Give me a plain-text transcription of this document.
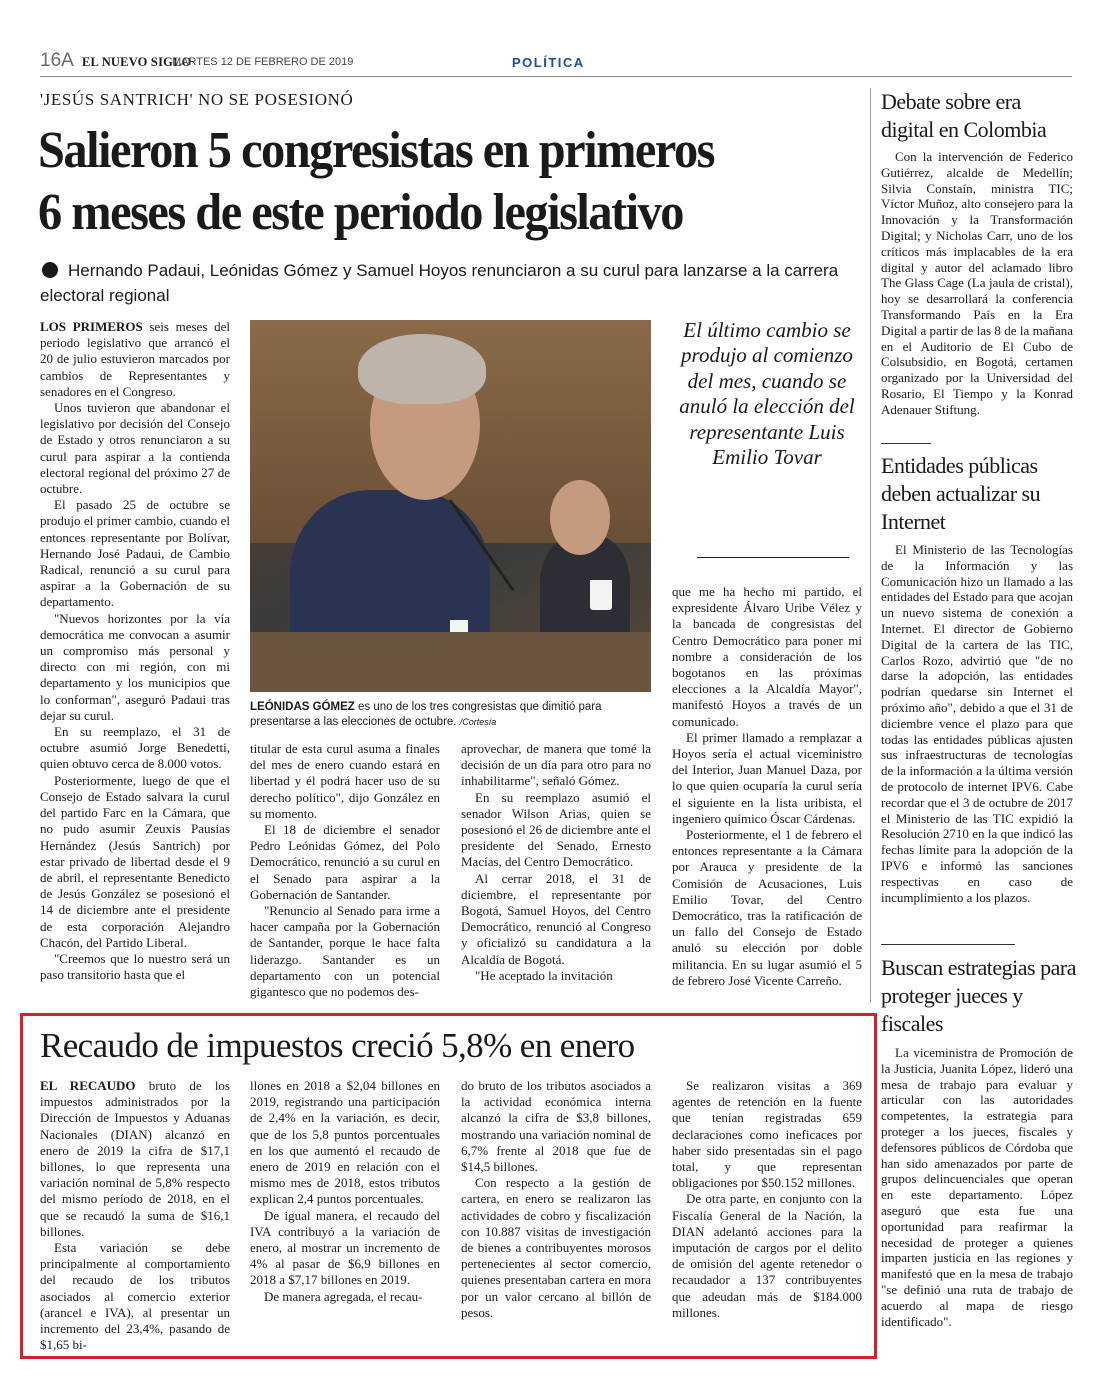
16A EL NUEVO SIGLO
MARTES 12 DE FEBRERO DE 2019	POLÍTICA
'JESÚS SANTRICH' NO SE POSESIONÓ
Salieron 5 congresistas en primeros
6 meses de este periodo legislativo
Hernando Padaui, Leónidas Gómez y Samuel Hoyos renunciaron a su curul para lanzarse a la carrera electoral regional

LOS PRIMEROS seis meses del periodo legislativo que arrancó el 20 de julio estuvieron marcados por cambios de Representantes y senadores en el Congreso.

Unos tuvieron que abandonar el legislativo por decisión del Consejo de Estado y otros renunciaron a su curul para aspirar a la contienda electoral regional del próximo 27 de octubre.

El pasado 25 de octubre se produjo el primer cambio, cuando el entonces representante por Bolívar, Hernando José Padaui, de Cambio Radical, renunció a su curul para aspirar a la Gobernación de su departamento.

"Nuevos horizontes por la vía democrática me convocan a asumir un compromiso más personal y directo con mi región, con mi departamento y los municipios que lo conforman", aseguró Padaui tras dejar su curul.

En su reemplazo, el 31 de octubre asumió Jorge Benedetti, quien obtuvo cerca de 8.000 votos.

Posteriormente, luego de que el Consejo de Estado salvara la curul del partido Farc en la Cámara, que no pudo asumir Zeuxis Pausias Hernández (Jesús Santrich) por estar privado de libertad desde el 9 de abril, el representante Benedicto de Jesús González se posesionó el 14 de diciembre ante el presidente de esta corporación Alejandro Chacón, del Partido Liberal.

"Creemos que lo nuestro será un paso transitorio hasta que el

LEÓNIDAS GÓMEZ es uno de los tres congresistas que dimitió para presentarse a las elecciones de octubre. /Cortesía
El último cambio se produjo al comienzo del mes, cuando se anuló la elección del representante Luis Emilio Tovar

titular de esta curul asuma a finales del mes de enero cuando estará en libertad y él podrá hacer uso de su derecho político", dijo González en su momento.

El 18 de diciembre el senador Pedro Leónidas Gómez, del Polo Democrático, renunció a su curul en el Senado para aspirar a la Gobernación de Santander.

"Renuncio al Senado para irme a hacer campaña por la Gobernación de Santander, porque le hace falta liderazgo. Santander es un departamento con un potencial gigantesco que no podemos des-

aprovechar, de manera que tomé la decisión de un día para otro para no inhabilitarme", señaló Gómez.

En su reemplazo asumió el senador Wilson Arias, quien se posesionó el 26 de diciembre ante el presidente del Senado, Ernesto Macías, del Centro Democrático.

Al cerrar 2018, el 31 de diciembre, el representante por Bogotá, Samuel Hoyos, del Centro Democrático, renunció al Congreso y oficializó su candidatura a la Alcaldía de Bogotá.

"He aceptado la invitación

que me ha hecho mi partido, el expresidente Álvaro Uribe Vélez y la bancada de congresistas del Centro Democrático para poner mi nombre a consideración de los bogotanos en las próximas elecciones a la Alcaldía Mayor", manifestó Hoyos a través de un comunicado.

El primer llamado a remplazar a Hoyos sería el actual viceministro del Interior, Juan Manuel Daza, por lo que quien ocuparía la curul sería el siguiente en la lista uribista, el ingeniero químico Óscar Cárdenas.

Posteriormente, el 1 de febrero el entonces representante a la Cámara por Arauca y presidente de la Comisión de Acusaciones, Luis Emilio Tovar, del Centro Democrático, tras la ratificación de un fallo del Consejo de Estado anuló su elección por doble militancia. En su lugar asumió el 5 de febrero José Vicente Carreño.

Debate sobre era digital en Colombia

Con la intervención de Federico Gutiérrez, alcalde de Medellín; Silvia Constaín, ministra TIC; Víctor Muñoz, alto consejero para la Innovación y la Transformación Digital; y Nicholas Carr, uno de los críticos más implacables de la era digital y autor del aclamado libro The Glass Cage (La jaula de cristal), hoy se desarrollará la conferencia Transformando País en la Era Digital a partir de las 8 de la mañana en el Auditorio de El Cubo de Colsubsidio, en Bogotá, certamen organizado por la Universidad del Rosario, El Tiempo y la Konrad Adenauer Stiftung.

Entidades públicas deben actualizar su Internet

El Ministerio de las Tecnologías de la Información y las Comunicación hizo un llamado a las entidades del Estado para que acojan un nuevo sistema de conexión a Internet. El director de Gobierno Digital de la cartera de las TIC, Carlos Rozo, advirtió que "de no darse la adopción, las entidades podrían quedarse sin Internet el próximo año", debido a que el 31 de diciembre vence el plazo para que todas las entidades públicas ajusten sus infraestructuras de tecnologías de la información a la última versión de protocolo de internet IPV6. Cabe recordar que el 3 de octubre de 2017 el Ministerio de las TIC expidió la Resolución 2710 en la que indicó las fechas límite para la adopción de la IPV6 e informó las sanciones respectivas en caso de incumplimiento a los plazos.

Buscan estrategias para proteger jueces y fiscales

La viceministra de Promoción de la Justicia, Juanita López, lideró una mesa de trabajo para evaluar y articular con las autoridades competentes, la estrategia para proteger a los jueces, fiscales y defensores públicos de Córdoba que han sido amenazados por parte de grupos delincuenciales que operan en este departamento. López aseguró que esta fue una oportunidad para reafirmar la necesidad de proteger a quienes imparten justicia en las regiones y manifestó que en la mesa de trabajo "se definió una ruta de trabajo de acuerdo al mapa de riesgo identificado".

Recaudo de impuestos creció 5,8% en enero

EL RECAUDO bruto de los impuestos administrados por la Dirección de Impuestos y Aduanas Nacionales (DIAN) alcanzó en enero de 2019 la cifra de $17,1 billones, lo que representa una variación nominal de 5,8% respecto del mismo período de 2018, en el que se recaudó la suma de $16,1 billones.

Esta variación se debe principalmente al comportamiento del recaudo de los tributos asociados al comercio exterior (arancel e IVA), al presentar un incremento del 23,4%, pasando de $1,65 bi-

llones en 2018 a $2,04 billones en 2019, registrando una participación de 2,4% en la variación, es decir, que de los 5,8 puntos porcentuales en los que aumentó el recaudo de enero de 2019 en relación con el mismo mes de 2018, estos tributos explican 2,4 puntos porcentuales.

De igual manera, el recaudo del IVA contribuyó a la variación de enero, al mostrar un incremento de 4% al pasar de $6,9 billones en 2018 a $7,17 billones en 2019.

De manera agregada, el recau-

do bruto de los tributos asociados a la actividad económica interna alcanzó la cifra de $3,8 billones, mostrando una variación nominal de 6,7% frente al 2018 que fue de $14,5 billones.

Con respecto a la gestión de cartera, en enero se realizaron las actividades de cobro y fiscalización con 10.887 visitas de investigación de bienes a contribuyentes morosos pertenecientes al sector comercio, quienes presentaban cartera en mora por un valor cercano al billón de pesos.

Se realizaron visitas a 369 agentes de retención en la fuente que tenían registradas 659 declaraciones como ineficaces por haber sido presentadas sin el pago total, y que representan obligaciones por $50.152 millones.

De otra parte, en conjunto con la Fiscalía General de la Nación, la DIAN adelantó acciones para la imputación de cargos por el delito de omisión del agente retenedor o recaudador a 137 contribuyentes que adeudan más de $184.000 millones.
